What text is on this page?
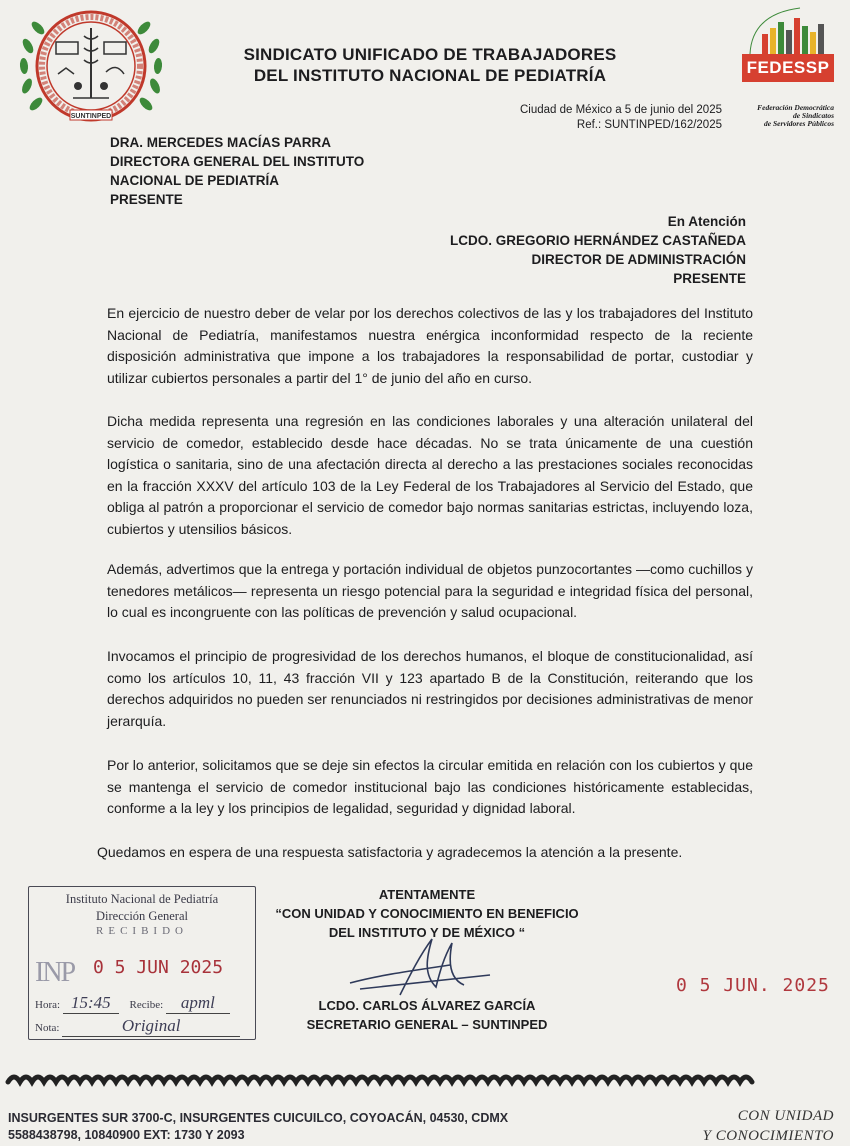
SUNTINPED
SINDICATO UNIFICADO DE TRABAJADORES
DEL INSTITUTO NACIONAL DE PEDIATRÍA	FEDESSP
Federación Democrática
de Sindicatos
de Servidores Públicos
Ciudad de México a 5 de junio del 2025
Ref.: SUNTINPED/162/2025
DRA. MERCEDES MACÍAS PARRA
DIRECTORA GENERAL DEL INSTITUTO
NACIONAL DE PEDIATRÍA
PRESENTE
En Atención
LCDO. GREGORIO HERNÁNDEZ CASTAÑEDA
DIRECTOR DE ADMINISTRACIÓN
PRESENTE
En ejercicio de nuestro deber de velar por los derechos colectivos de las y los trabajadores del Instituto Nacional de Pediatría, manifestamos nuestra enérgica inconformidad respecto de la reciente disposición administrativa que impone a los trabajadores la responsabilidad de portar, custodiar y utilizar cubiertos personales a partir del 1° de junio del año en curso.
Dicha medida representa una regresión en las condiciones laborales y una alteración unilateral del servicio de comedor, establecido desde hace décadas. No se trata únicamente de una cuestión logística o sanitaria, sino de una afectación directa al derecho a las prestaciones sociales reconocidas en la fracción XXXV del artículo 103 de la Ley Federal de los Trabajadores al Servicio del Estado, que obliga al patrón a proporcionar el servicio de comedor bajo normas sanitarias estrictas, incluyendo loza, cubiertos y utensilios básicos.
Además, advertimos que la entrega y portación individual de objetos punzocortantes —como cuchillos y tenedores metálicos— representa un riesgo potencial para la seguridad e integridad física del personal, lo cual es incongruente con las políticas de prevención y salud ocupacional.
Invocamos el principio de progresividad de los derechos humanos, el bloque de constitucionalidad, así como los artículos 10, 11, 43 fracción VII y 123 apartado B de la Constitución, reiterando que los derechos adquiridos no pueden ser renunciados ni restringidos por decisiones administrativas de menor jerarquía.
Por lo anterior, solicitamos que se deje sin efectos la circular emitida en relación con los cubiertos y que se mantenga el servicio de comedor institucional bajo las condiciones históricamente establecidas, conforme a la ley y los principios de legalidad, seguridad y dignidad laboral.
Quedamos en espera de una respuesta satisfactoria y agradecemos la atención a la presente.
Instituto Nacional de Pediatría
Dirección General
RECIBIDO
INP 0 5 JUN 2025
Hora: 15:45 Recibe: apml
Nota:	Original
ATENTAMENTE
“CON UNIDAD Y CONOCIMIENTO EN BENEFICIO
DEL INSTITUTO Y DE MÉXICO “
LCDO. CARLOS ÁLVAREZ GARCÍA
SECRETARIO GENERAL – SUNTINPED
0 5 JUN. 2025
INSURGENTES SUR 3700-C, INSURGENTES CUICUILCO, COYOACÁN, 04530, CDMX
5588438798, 10840900 EXT: 1730 Y 2093
CON UNIDAD
Y CONOCIMIENTO
